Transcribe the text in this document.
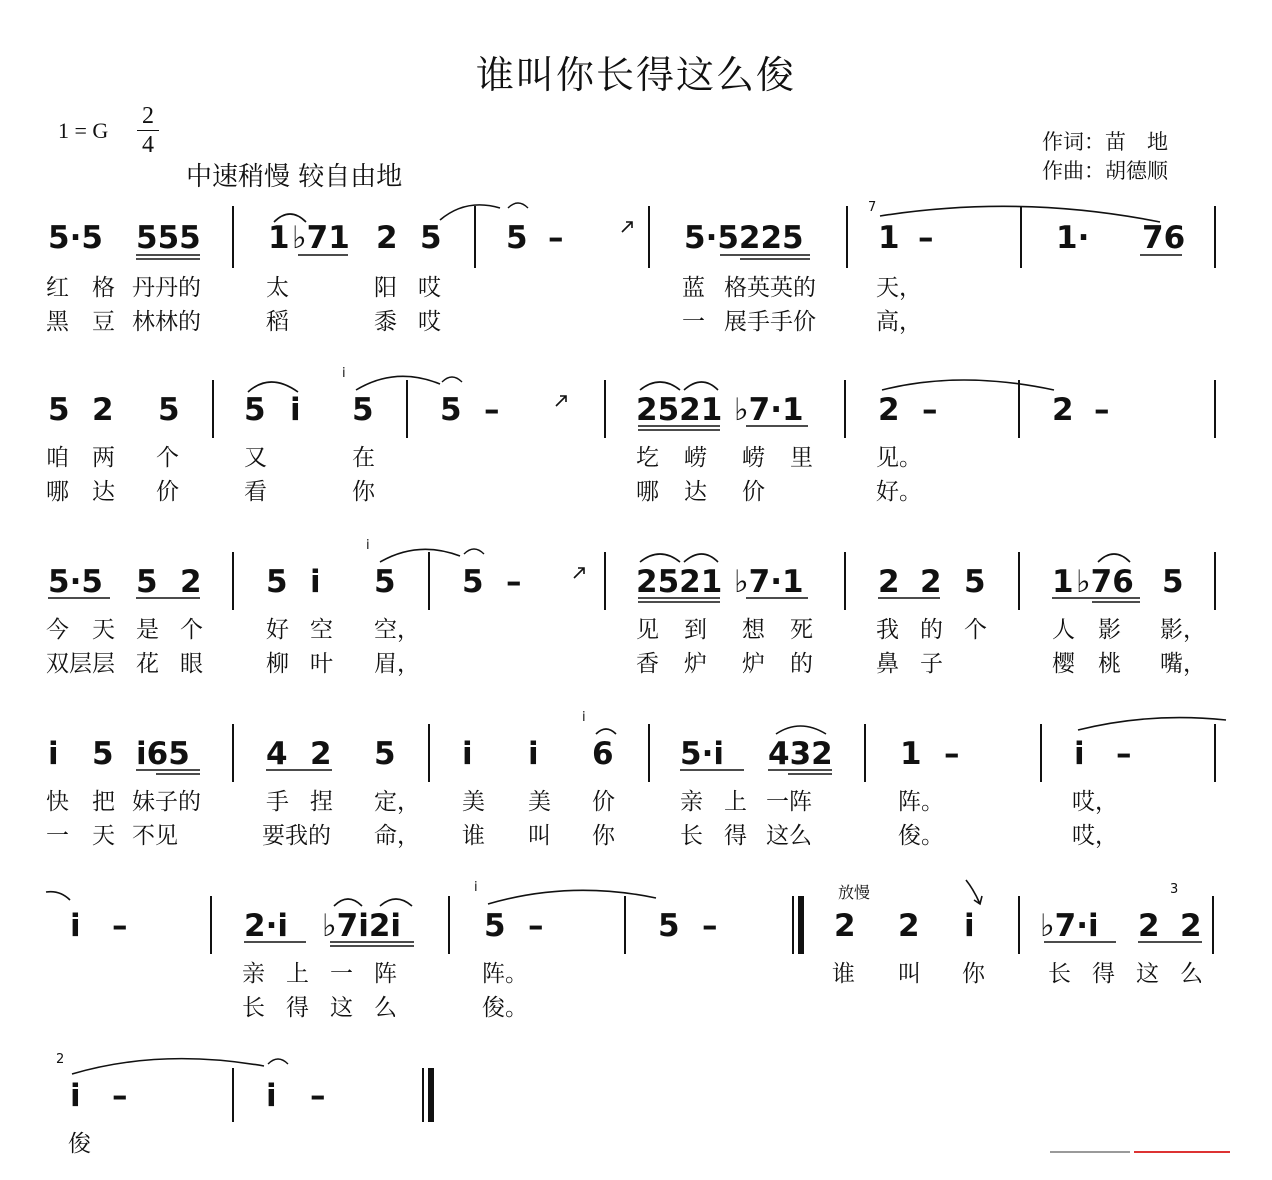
谁叫你长得这么俊
1 = G
2
4
中速稍慢 较自由地
作词：苗　地
作曲：胡德顺
5·5 555 1 ♭71 2 5 5 –	5·5225
7
1 –	1· 76
红 格 丹丹的	太	阳 哎	蓝 格英英的	天，
黑 豆 林林的	稻	黍 哎	一 展手手价	高，
5 2 5 5 i
i
5 5 –	2521 ♭7·1 2 –	2 –
咱 两 个	又	在	圪 崂 崂 里	见。
哪 达 价	看	你	哪 达 价	好。
5·5 5 2 5 i
i
5 5 –	2521 ♭7·1 2 2 5 1 ♭76 5
今 天 是 个	好 空 空，	见 到 想 死	我 的 个	人 影 影，
双层层 花 眼	柳 叶 眉，	香 炉 炉 的	鼻 子	樱 桃 嘴，
i 5 i65 4 2 5 i i
i
6 5·i 432 1 –	i –
快 把 妹子的	手 捏 定， 美 美 价	亲 上 一阵	阵。	哎，
一 天 不见	要我的 命， 谁 叫 你	长 得 这么	俊。	哎，
i –	2·i ♭7i2i
i
5 –	5 –
放慢
2 2 i ♭7·i 2
3
2
亲 上 一 阵	阵。	谁 叫 你	长 得 这 么
长 得 这 么	俊。
2
i –	i –
俊
